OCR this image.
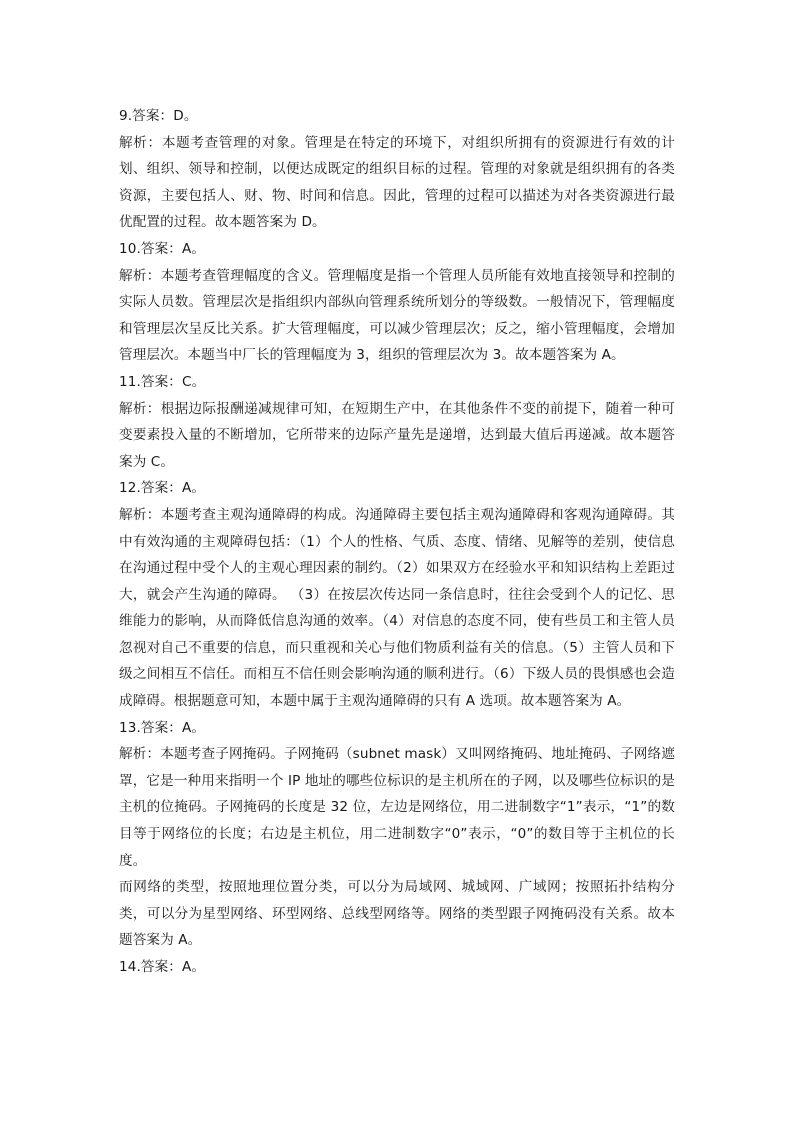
9.答案：D。

解析：本题考查管理的对象。管理是在特定的环境下，对组织所拥有的资源进行有效的计划、组织、领导和控制，以便达成既定的组织目标的过程。管理的对象就是组织拥有的各类资源，主要包括人、财、物、时间和信息。因此，管理的过程可以描述为对各类资源进行最优配置的过程。故本题答案为 D。

10.答案：A。

解析：本题考查管理幅度的含义。管理幅度是指一个管理人员所能有效地直接领导和控制的实际人员数。管理层次是指组织内部纵向管理系统所划分的等级数。一般情况下，管理幅度和管理层次呈反比关系。扩大管理幅度，可以减少管理层次；反之，缩小管理幅度，会增加管理层次。本题当中厂长的管理幅度为 3，组织的管理层次为 3。故本题答案为 A。

11.答案：C。

解析：根据边际报酬递减规律可知，在短期生产中，在其他条件不变的前提下，随着一种可变要素投入量的不断增加，它所带来的边际产量先是递增，达到最大值后再递减。故本题答案为 C。

12.答案：A。

解析：本题考查主观沟通障碍的构成。沟通障碍主要包括主观沟通障碍和客观沟通障碍。其中有效沟通的主观障碍包括：（1）个人的性格、气质、态度、情绪、见解等的差别，使信息在沟通过程中受个人的主观心理因素的制约。（2）如果双方在经验水平和知识结构上差距过大，就会产生沟通的障碍。 （3）在按层次传达同一条信息时，往往会受到个人的记忆、思维能力的影响，从而降低信息沟通的效率。（4）对信息的态度不同，使有些员工和主管人员忽视对自己不重要的信息，而只重视和关心与他们物质利益有关的信息。（5）主管人员和下级之间相互不信任。而相互不信任则会影响沟通的顺利进行。（6）下级人员的畏惧感也会造成障碍。根据题意可知，本题中属于主观沟通障碍的只有 A 选项。故本题答案为 A。

13.答案：A。

解析：本题考查子网掩码。子网掩码（subnet mask）又叫网络掩码、地址掩码、子网络遮罩，它是一种用来指明一个 IP 地址的哪些位标识的是主机所在的子网，以及哪些位标识的是主机的位掩码。子网掩码的长度是 32 位，左边是网络位，用二进制数字“1”表示，“1”的数目等于网络位的长度；右边是主机位，用二进制数字“0”表示，“0”的数目等于主机位的长度。

而网络的类型，按照地理位置分类，可以分为局域网、城域网、广域网；按照拓扑结构分类，可以分为星型网络、环型网络、总线型网络等。网络的类型跟子网掩码没有关系。故本题答案为 A。

14.答案：A。
